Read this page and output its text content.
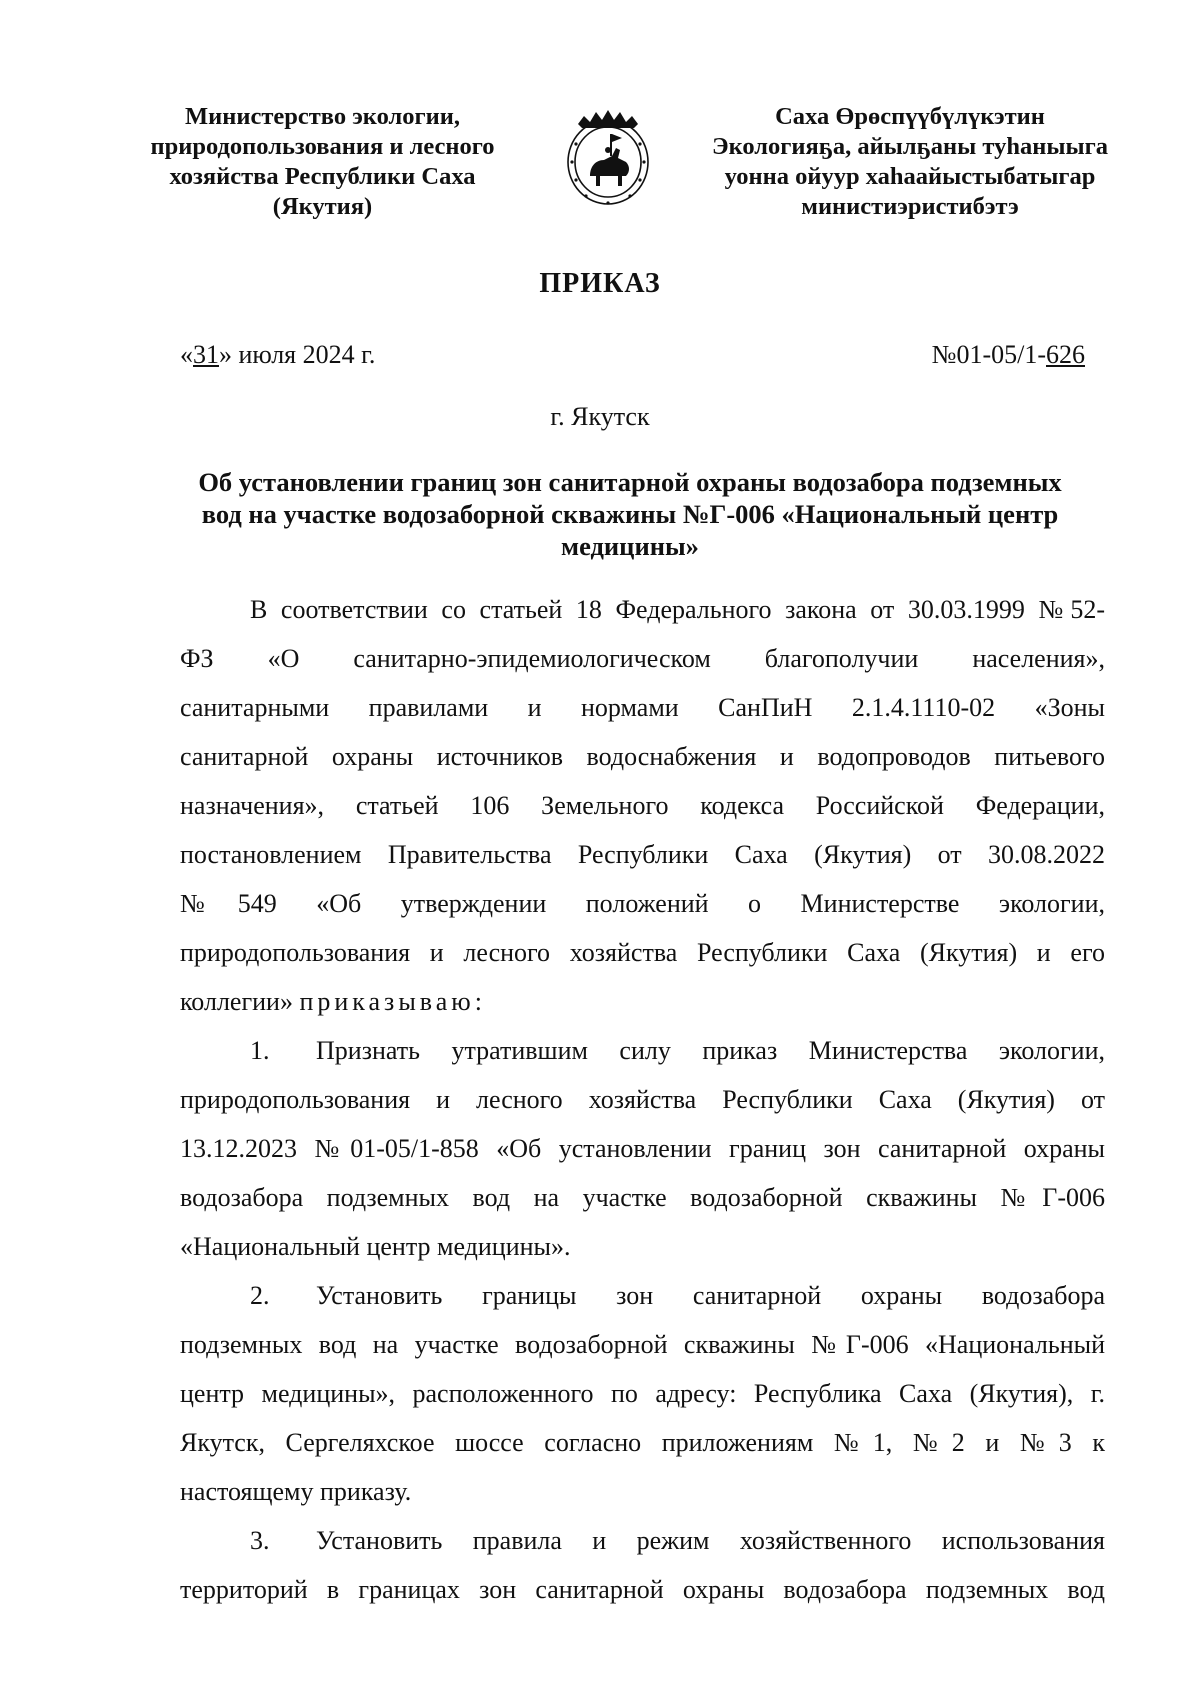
Министерство экологии,
природопользования и лесного
хозяйства Республики Саха
(Якутия)
Саха Өрөспүүбүлүкэтин
Экологияҕа, айылҕаны туһаныыга
уонна ойуур хаһаайыстыбатыгар
министиэристибэтэ
ПРИКАЗ
«31» июля 2024 г.	№01-05/1-626
г. Якутск
Об установлении границ зон санитарной охраны водозабора подземных
вод на участке водозаборной скважины №Г-006 «Национальный центр
медицины»
В соответствии со статьей 18 Федерального закона от 30.03.1999 №52-
ФЗ «О санитарно-эпидемиологическом благополучии населения»,
санитарными правилами и нормами СанПиН 2.1.4.1110-02 «Зоны
санитарной охраны источников водоснабжения и водопроводов питьевого
назначения», статьей 106 Земельного кодекса Российской Федерации,
постановлением Правительства Республики Саха (Якутия) от 30.08.2022
№549 «Об утверждении положений о Министерстве экологии,
природопользования и лесного хозяйства Республики Саха (Якутия) и его
коллегии» приказываю:
1. Признать утратившим силу приказ Министерства экологии,
природопользования и лесного хозяйства Республики Саха (Якутия) от
13.12.2023 №01-05/1-858 «Об установлении границ зон санитарной охраны
водозабора подземных вод на участке водозаборной скважины №Г-006
«Национальный центр медицины».
2. Установить границы зон санитарной охраны водозабора
подземных вод на участке водозаборной скважины №Г-006 «Национальный
центр медицины», расположенного по адресу: Республика Саха (Якутия), г.
Якутск, Сергеляхское шоссе согласно приложениям №1, №2 и №3 к
настоящему приказу.
3. Установить правила и режим хозяйственного использования
территорий в границах зон санитарной охраны водозабора подземных вод
